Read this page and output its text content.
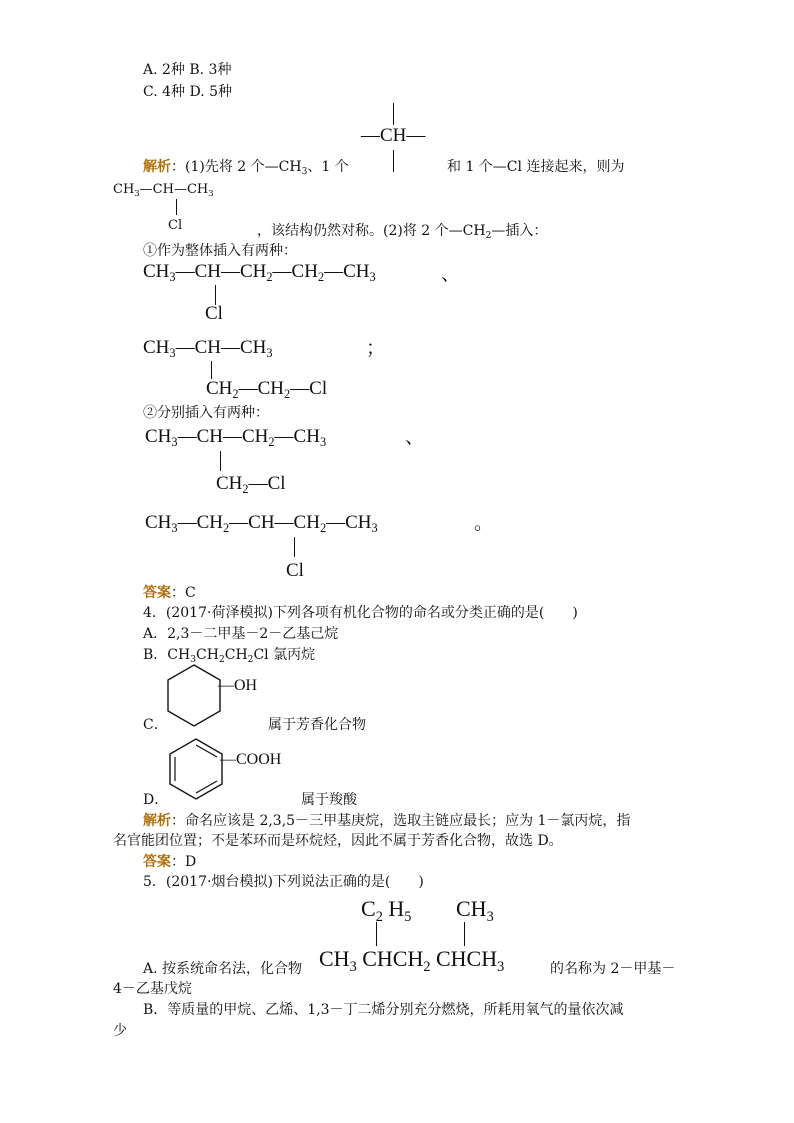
A. 2种 B. 3种
C. 4种 D. 5种
—CH—
解析：(1)先将 2 个$—CH_3$、1 个	和 1 个—Cl 连接起来，则为
$CH_3—CH—CH_3$
Cl	，该结构仍然对称。(2)将 2 个$—CH_2—$插入：
①作为整体插入有两种：
$CH_3—CH—CH_2—CH_2—CH_3$	、
Cl
$CH_3—CH—CH_3$	；
$CH_2—CH_2—Cl$
②分别插入有两种：
$CH_3—CH—CH_2—CH_3$	、
$CH_2—Cl$
$CH_3—CH_2—CH—CH_2—CH_3$	。
Cl
答案：C
4．(2017·荷泽模拟)下列各项有机化合物的命名或分类正确的是(　　)
A．2,3－二甲基－2－乙基己烷
B．$CH_3CH_2CH_2Cl$ 氯丙烷
—OH
C．	属于芳香化合物
—COOH
D．	属于羧酸
解析：命名应该是 2,3,5－三甲基庚烷，选取主链应最长；应为 1－氯丙烷，指
名官能团位置；不是苯环而是环烷烃，因此不属于芳香化合物，故选 D。
答案：D
5．(2017·烟台模拟)下列说法正确的是(　　)
$C_2$ $H_5$ $CH_3$
A. 按系统命名法，化合物 $CH_3$ $CHCH_2$ $CHCH_3$	的名称为 2－甲基－
4－乙基戊烷
B．等质量的甲烷、乙烯、1,3－丁二烯分别充分燃烧，所耗用氧气的量依次减
少
